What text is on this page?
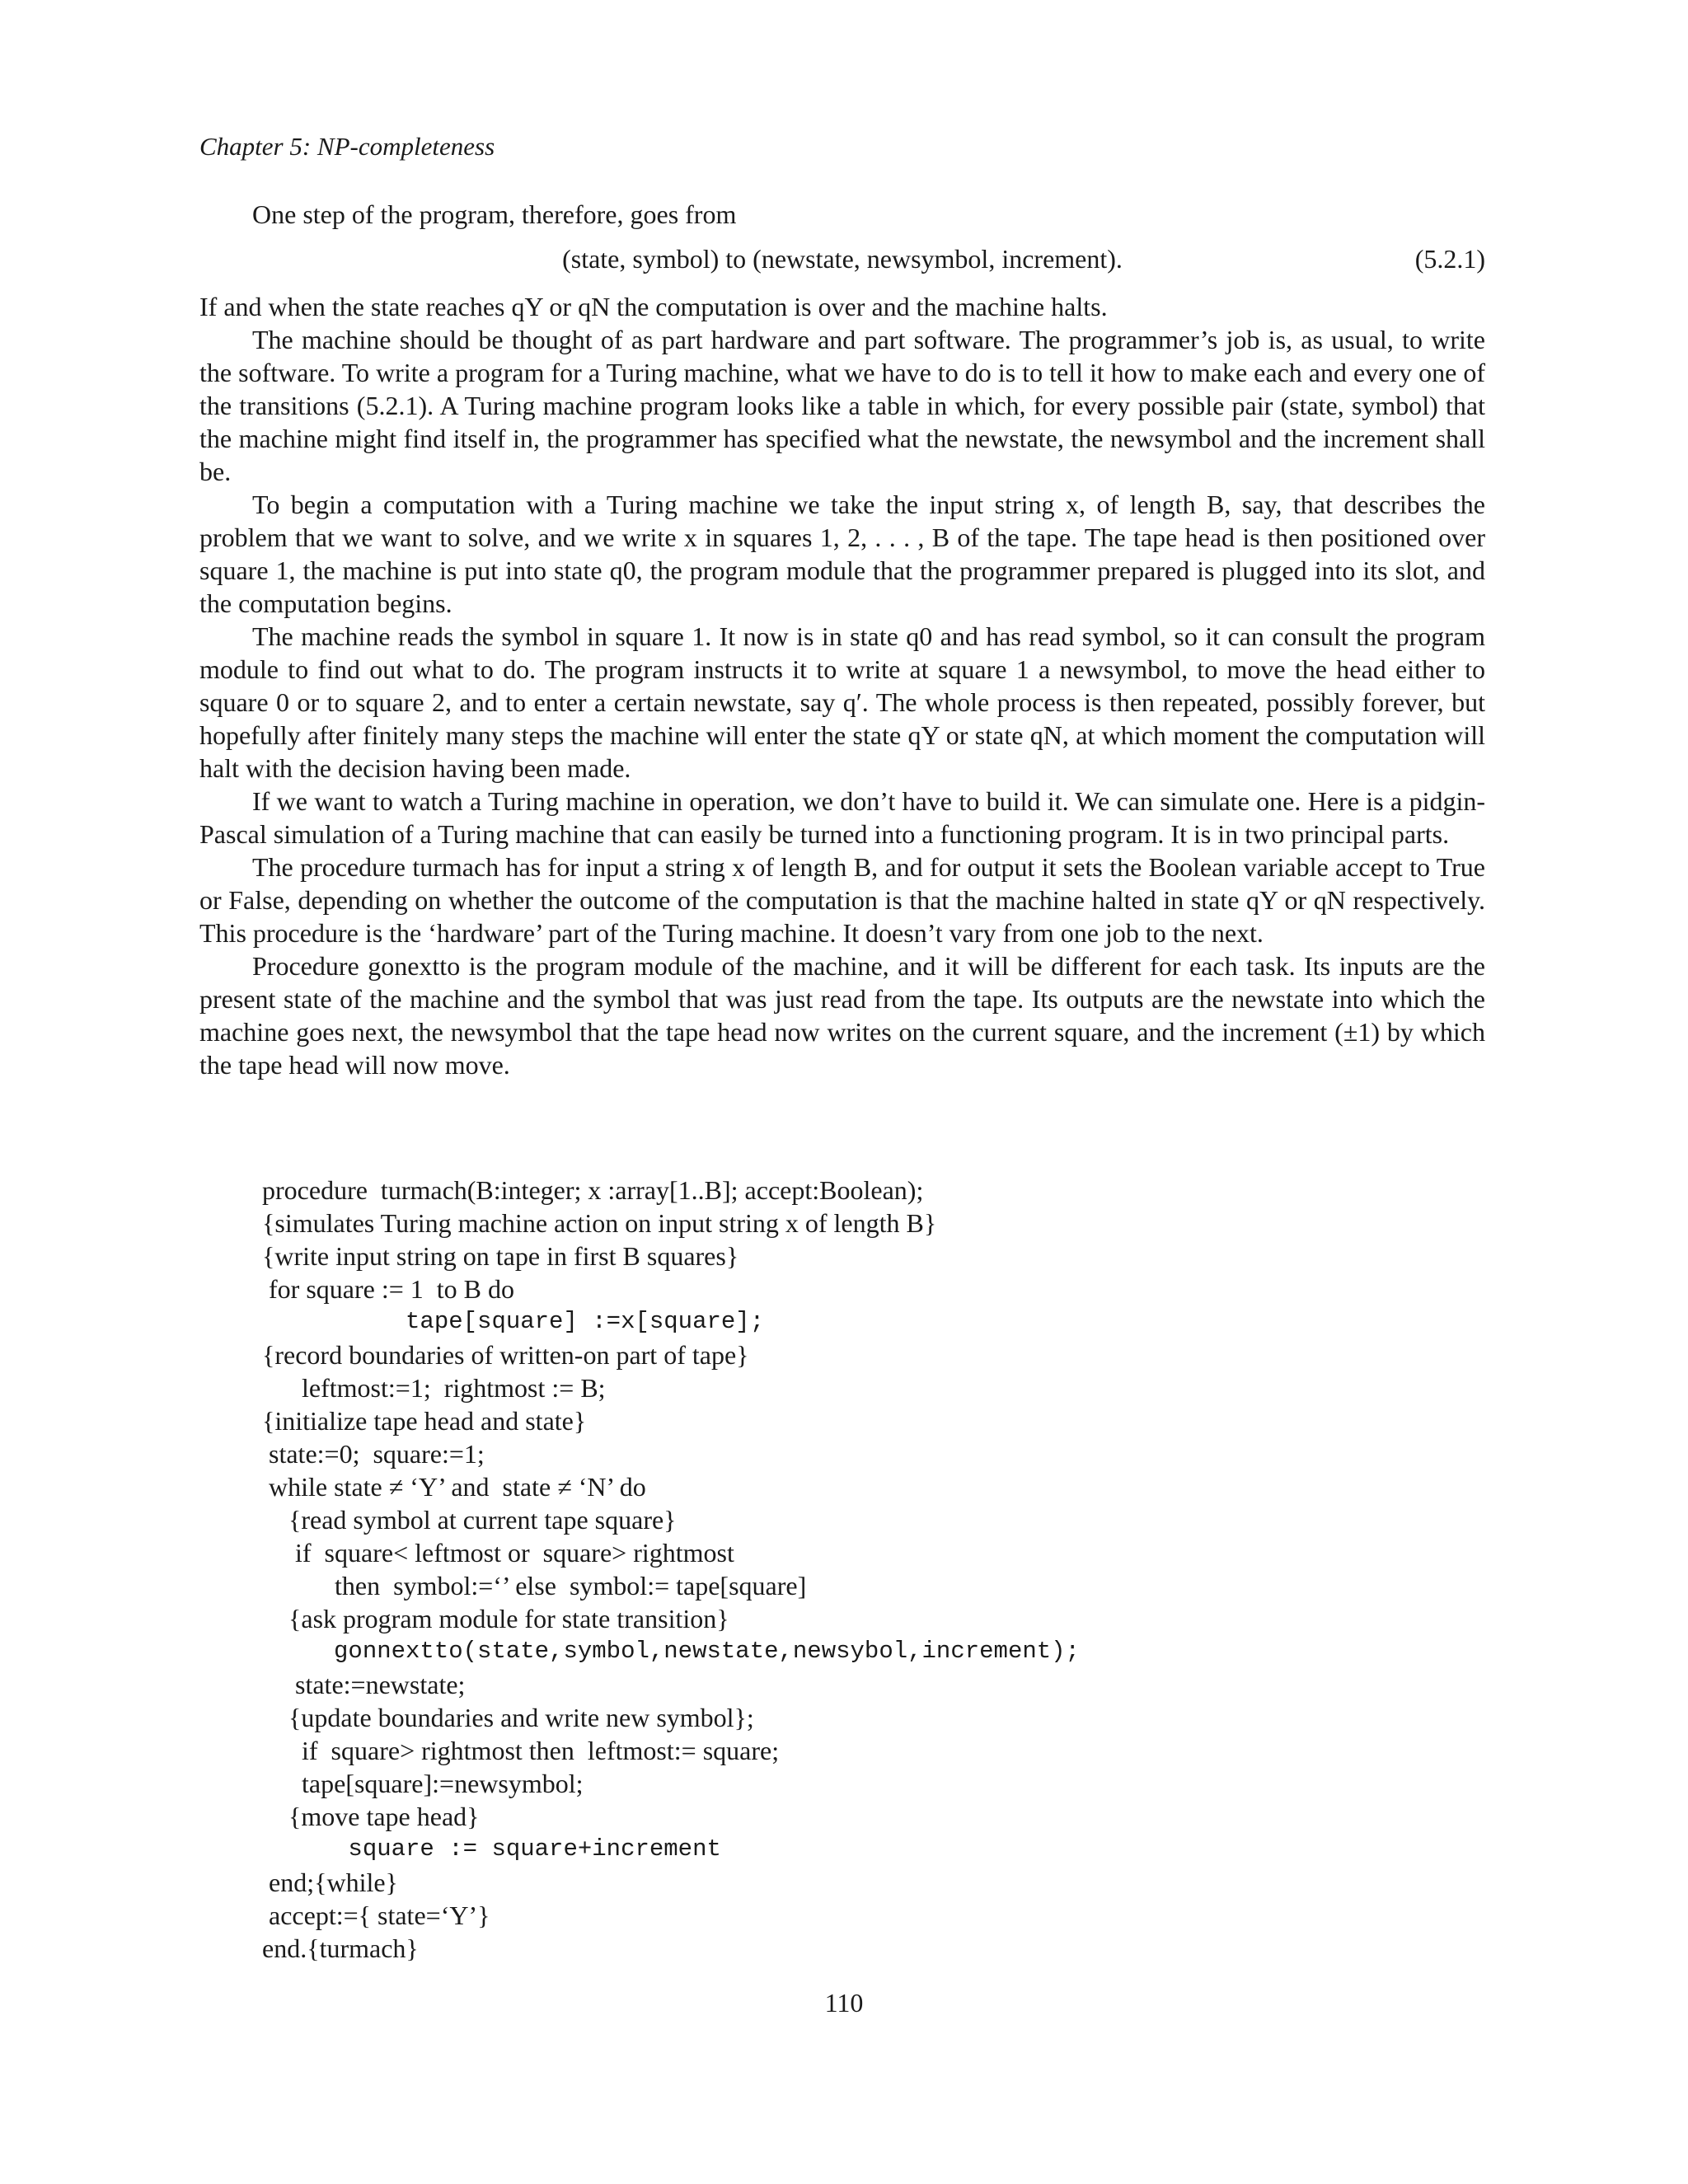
Chapter 5: NP-completeness

One step of the program, therefore, goes from

(state, symbol) to (newstate, newsymbol, increment).	(5.2.1)

If and when the state reaches qY or qN the computation is over and the machine halts.

The machine should be thought of as part hardware and part software. The programmer’s job is, as usual, to write the software. To write a program for a Turing machine, what we have to do is to tell it how to make each and every one of the transitions (5.2.1). A Turing machine program looks like a table in which, for every possible pair (state, symbol) that the machine might find itself in, the programmer has specified what the newstate, the newsymbol and the increment shall be.

To begin a computation with a Turing machine we take the input string x, of length B, say, that describes the problem that we want to solve, and we write x in squares 1, 2, . . . , B of the tape. The tape head is then positioned over square 1, the machine is put into state q0, the program module that the programmer prepared is plugged into its slot, and the computation begins.

The machine reads the symbol in square 1. It now is in state q0 and has read symbol, so it can consult the program module to find out what to do. The program instructs it to write at square 1 a newsymbol, to move the head either to square 0 or to square 2, and to enter a certain newstate, say q′. The whole process is then repeated, possibly forever, but hopefully after finitely many steps the machine will enter the state qY or state qN, at which moment the computation will halt with the decision having been made.

If we want to watch a Turing machine in operation, we don’t have to build it. We can simulate one. Here is a pidgin-Pascal simulation of a Turing machine that can easily be turned into a functioning program. It is in two principal parts.

The procedure turmach has for input a string x of length B, and for output it sets the Boolean variable accept to True or False, depending on whether the outcome of the computation is that the machine halted in state qY or qN respectively. This procedure is the ‘hardware’ part of the Turing machine. It doesn’t vary from one job to the next.

Procedure gonextto is the program module of the machine, and it will be different for each task. Its inputs are the present state of the machine and the symbol that was just read from the tape. Its outputs are the newstate into which the machine goes next, the newsymbol that the tape head now writes on the current square, and the increment (±1) by which the tape head will now move.

procedure  turmach(B:integer; x :array[1..B]; accept:Boolean);
{simulates Turing machine action on input string x of length B}
{write input string on tape in first B squares}
for square := 1  to B do
tape[square] :=x[square];
{record boundaries of written-on part of tape}
leftmost:=1;  rightmost := B;
{initialize tape head and state}
state:=0;  square:=1;
while state ≠ ‘Y’ and  state ≠ ‘N’ do
{read symbol at current tape square}
if  square< leftmost or  square> rightmost
then  symbol:=‘’ else  symbol:= tape[square]
{ask program module for state transition}
gonnextto(state,symbol,newstate,newsybol,increment);
state:=newstate;
{update boundaries and write new symbol};
if  square> rightmost then  leftmost:= square;
tape[square]:=newsymbol;
{move tape head}
square := square+increment
end;{while}
accept:={ state=‘Y’}
end.{turmach}
110
